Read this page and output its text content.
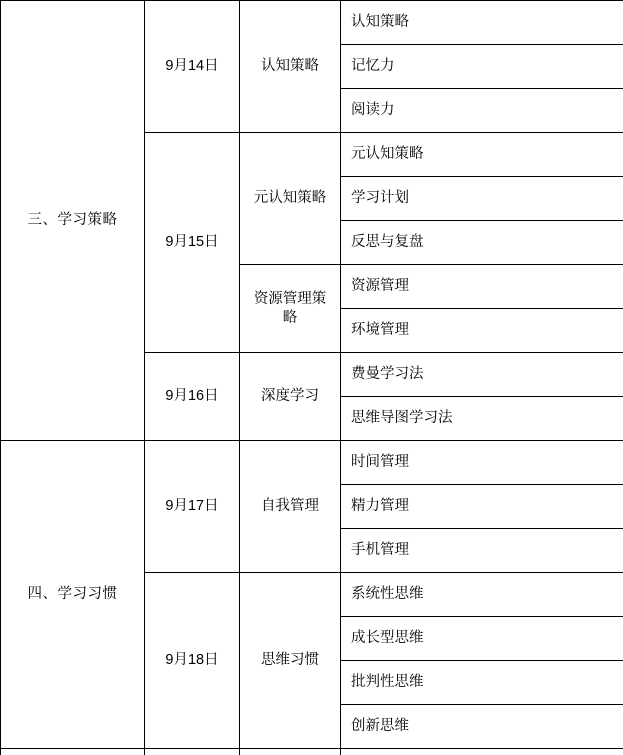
三、学习策略	9月14日	认知策略	认知策略
			记忆力
			阅读力
	9月15日	元认知策略	元认知策略
			学习计划
			反思与复盘
		资源管理策略	资源管理
			环境管理
	9月16日	深度学习	费曼学习法
			思维导图学习法
四、学习习惯	9月17日	自我管理	时间管理
			精力管理
			手机管理
	9月18日	思维习惯	系统性思维
			成长型思维
			批判性思维
			创新思维
